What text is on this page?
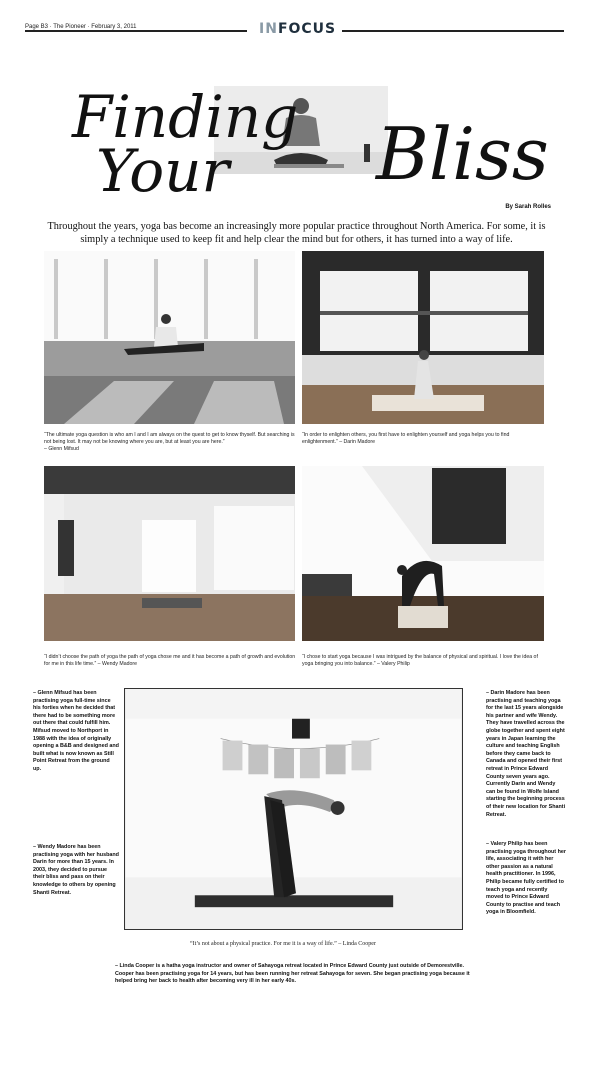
Page B3 · The Pioneer · February 3, 2011	INFOCUS
Finding
Your Bliss
By Sarah Rolles
Throughout the years, yoga bas become an increasingly more popular practice throughout North America. For some, it is simply a technique used to keep fit and help clear the mind but for others, it has turned into a way of life.
“The ultimate yoga question is who am I and I am always on the quest to get to know thyself. But searching is not being lost. It may not be knowing where you are, but at least you are here.”
– Glenn Mifsud
“In order to enlighten others, you first have to enlighten yourself and yoga helps you to find enlightenment.” – Darin Madore
“I didn’t choose the path of yoga the path of yoga chose me and it has become a path of growth and evolution for me in this life time.” – Wendy Madore
“I chose to start yoga because I was intrigued by the balance of physical and spiritual. I love the idea of yoga bringing you into balance.” – Valery Philip
– Glenn Mifsud has been practising yoga full-time since his forties when he decided that there had to be something more out there that could fulfill him. Mifsud moved to Northport in 1988 with the idea of originally opening a B&B and designed and built what is now known as Still Point Retreat from the ground up.
– Wendy Madore has been practising yoga with her husband Darin for more than 15 years. In 2003, they decided to pursue their bliss and pass on their knowledge to others by opening Shanti Retreat.
– Darin Madore has been practising and teaching yoga for the last 15 years alongside his partner and wife Wendy. They have travelled across the globe together and spent eight years in Japan learning the culture and teaching English before they came back to Canada and opened their first retreat in Prince Edward County seven years ago. Currently Darin and Wendy can be found in Wolfe Island starting the beginning process of their new location for Shanti Retreat.
– Valery Philip has been practising yoga throughout her life, associating it with her other passion as a natural health practitioner. In 1996, Philip became fully certified to teach yoga and recently moved to Prince Edward County to practise and teach yoga in Bloomfield.
“It’s not about a physical practice. For me it is a way of life.” – Linda Cooper
– Linda Cooper is a hatha yoga instructor and owner of Sahayoga retreat located in Prince Edward County just outside of Demorestville. Cooper has been practising yoga for 14 years, but has been running her retreat Sahayoga for seven. She began practising yoga because it helped bring her back to health after becoming very ill in her early 40s.
